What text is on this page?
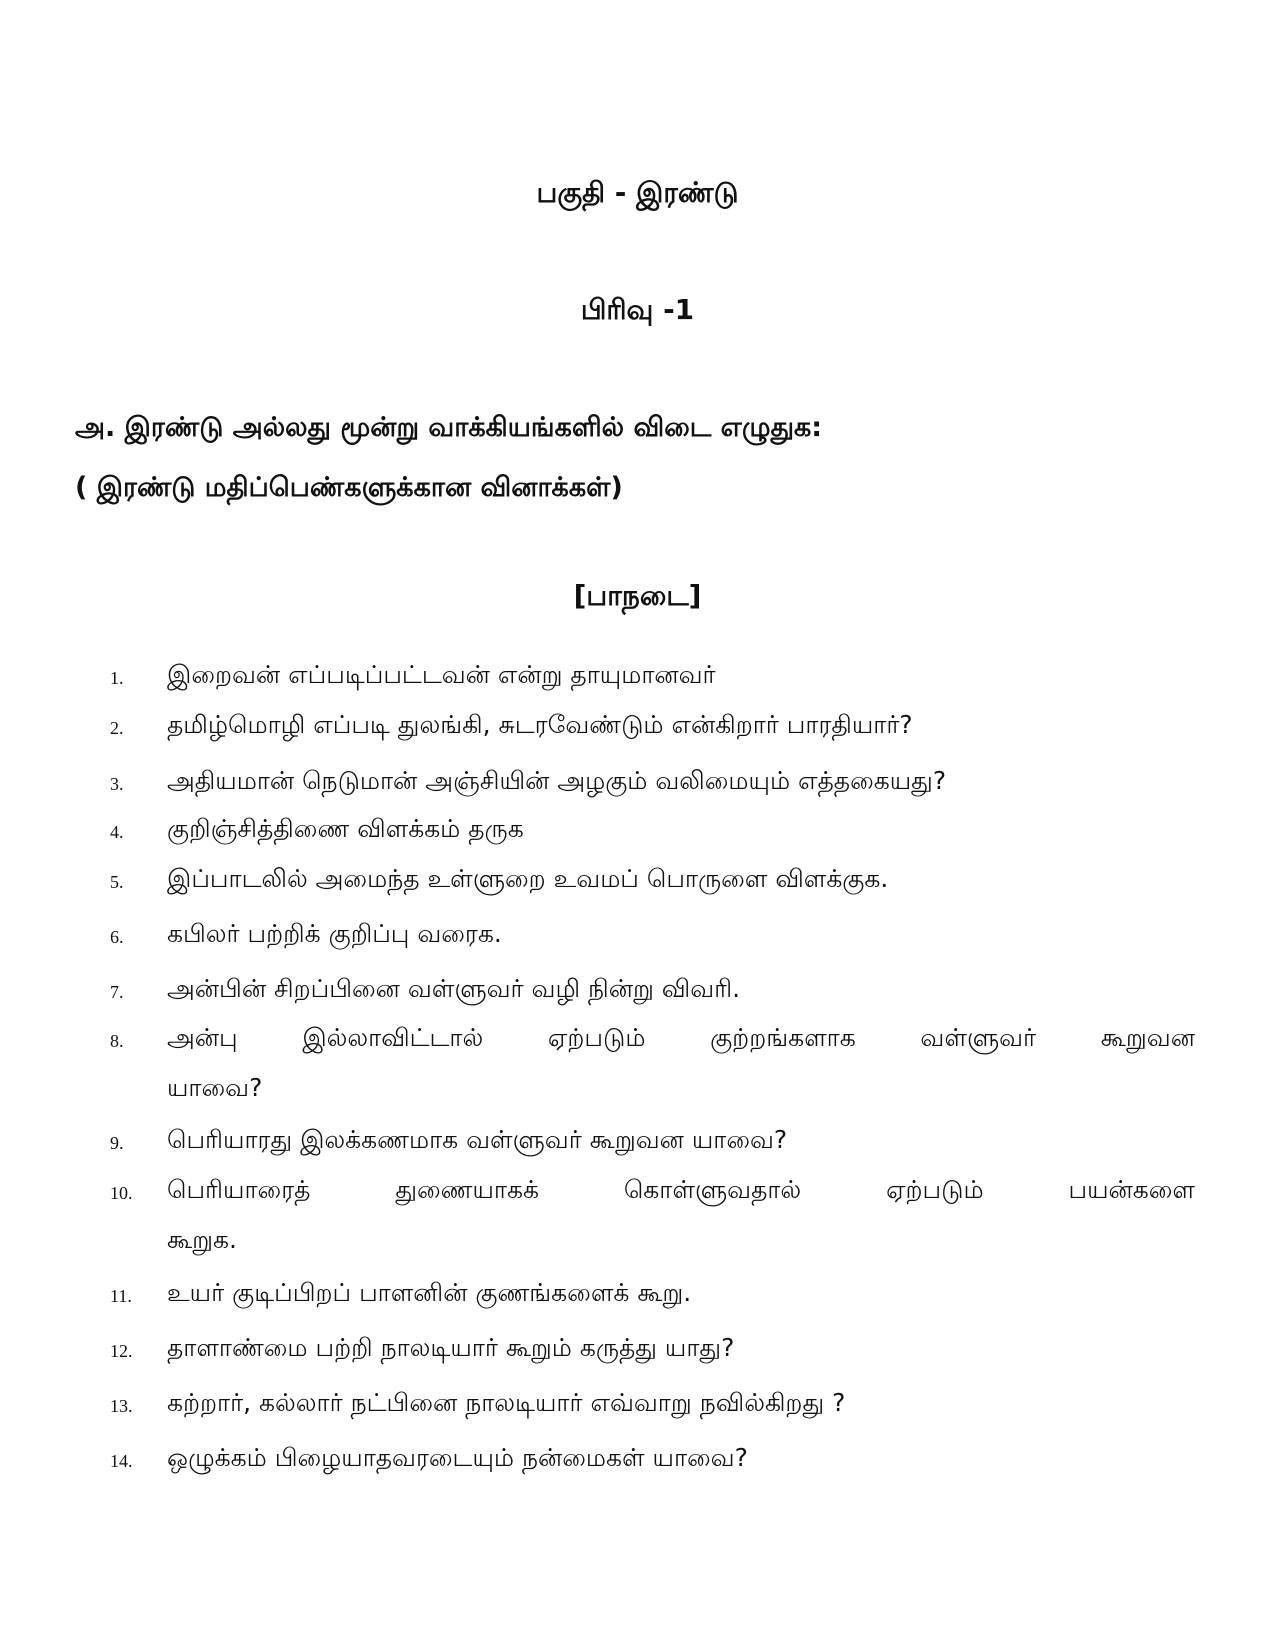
பகுதி - இரண்டு
பிரிவு -1
அ. இரண்டு அல்லது மூன்று வாக்கியங்களில் விடை எழுதுக:
( இரண்டு மதிப்பெண்களுக்கான வினாக்கள்)
[பாநடை]
1.	இறைவன் எப்படிப்பட்டவன் என்று தாயுமானவர்
2.	தமிழ்மொழி எப்படி துலங்கி, சுடரவேண்டும் என்கிறார் பாரதியார்?
3.	அதியமான் நெடுமான் அஞ்சியின் அழகும் வலிமையும் எத்தகையது?
4.	குறிஞ்சித்திணை விளக்கம் தருக
5.	இப்பாடலில் அமைந்த உள்ளுறை உவமப் பொருளை விளக்குக.
6.	கபிலர் பற்றிக் குறிப்பு வரைக.
7.	அன்பின் சிறப்பினை வள்ளுவர் வழி நின்று விவரி.
8.	அன்பு	இல்லாவிட்டால்	ஏற்படும்	குற்றங்களாக	வள்ளுவர்	கூறுவன
யாவை?
9.	பெரியாரது இலக்கணமாக வள்ளுவர் கூறுவன யாவை?
10.	பெரியாரைத்	துணையாகக்	கொள்ளுவதால்	ஏற்படும்	பயன்களை
கூறுக.
11.	உயர் குடிப்பிறப் பாளனின் குணங்களைக் கூறு.
12.	தாளாண்மை பற்றி நாலடியார் கூறும் கருத்து யாது?
13.	கற்றார், கல்லார் நட்பினை நாலடியார் எவ்வாறு நவில்கிறது ?
14.	ஒழுக்கம் பிழையாதவரடையும் நன்மைகள் யாவை?
